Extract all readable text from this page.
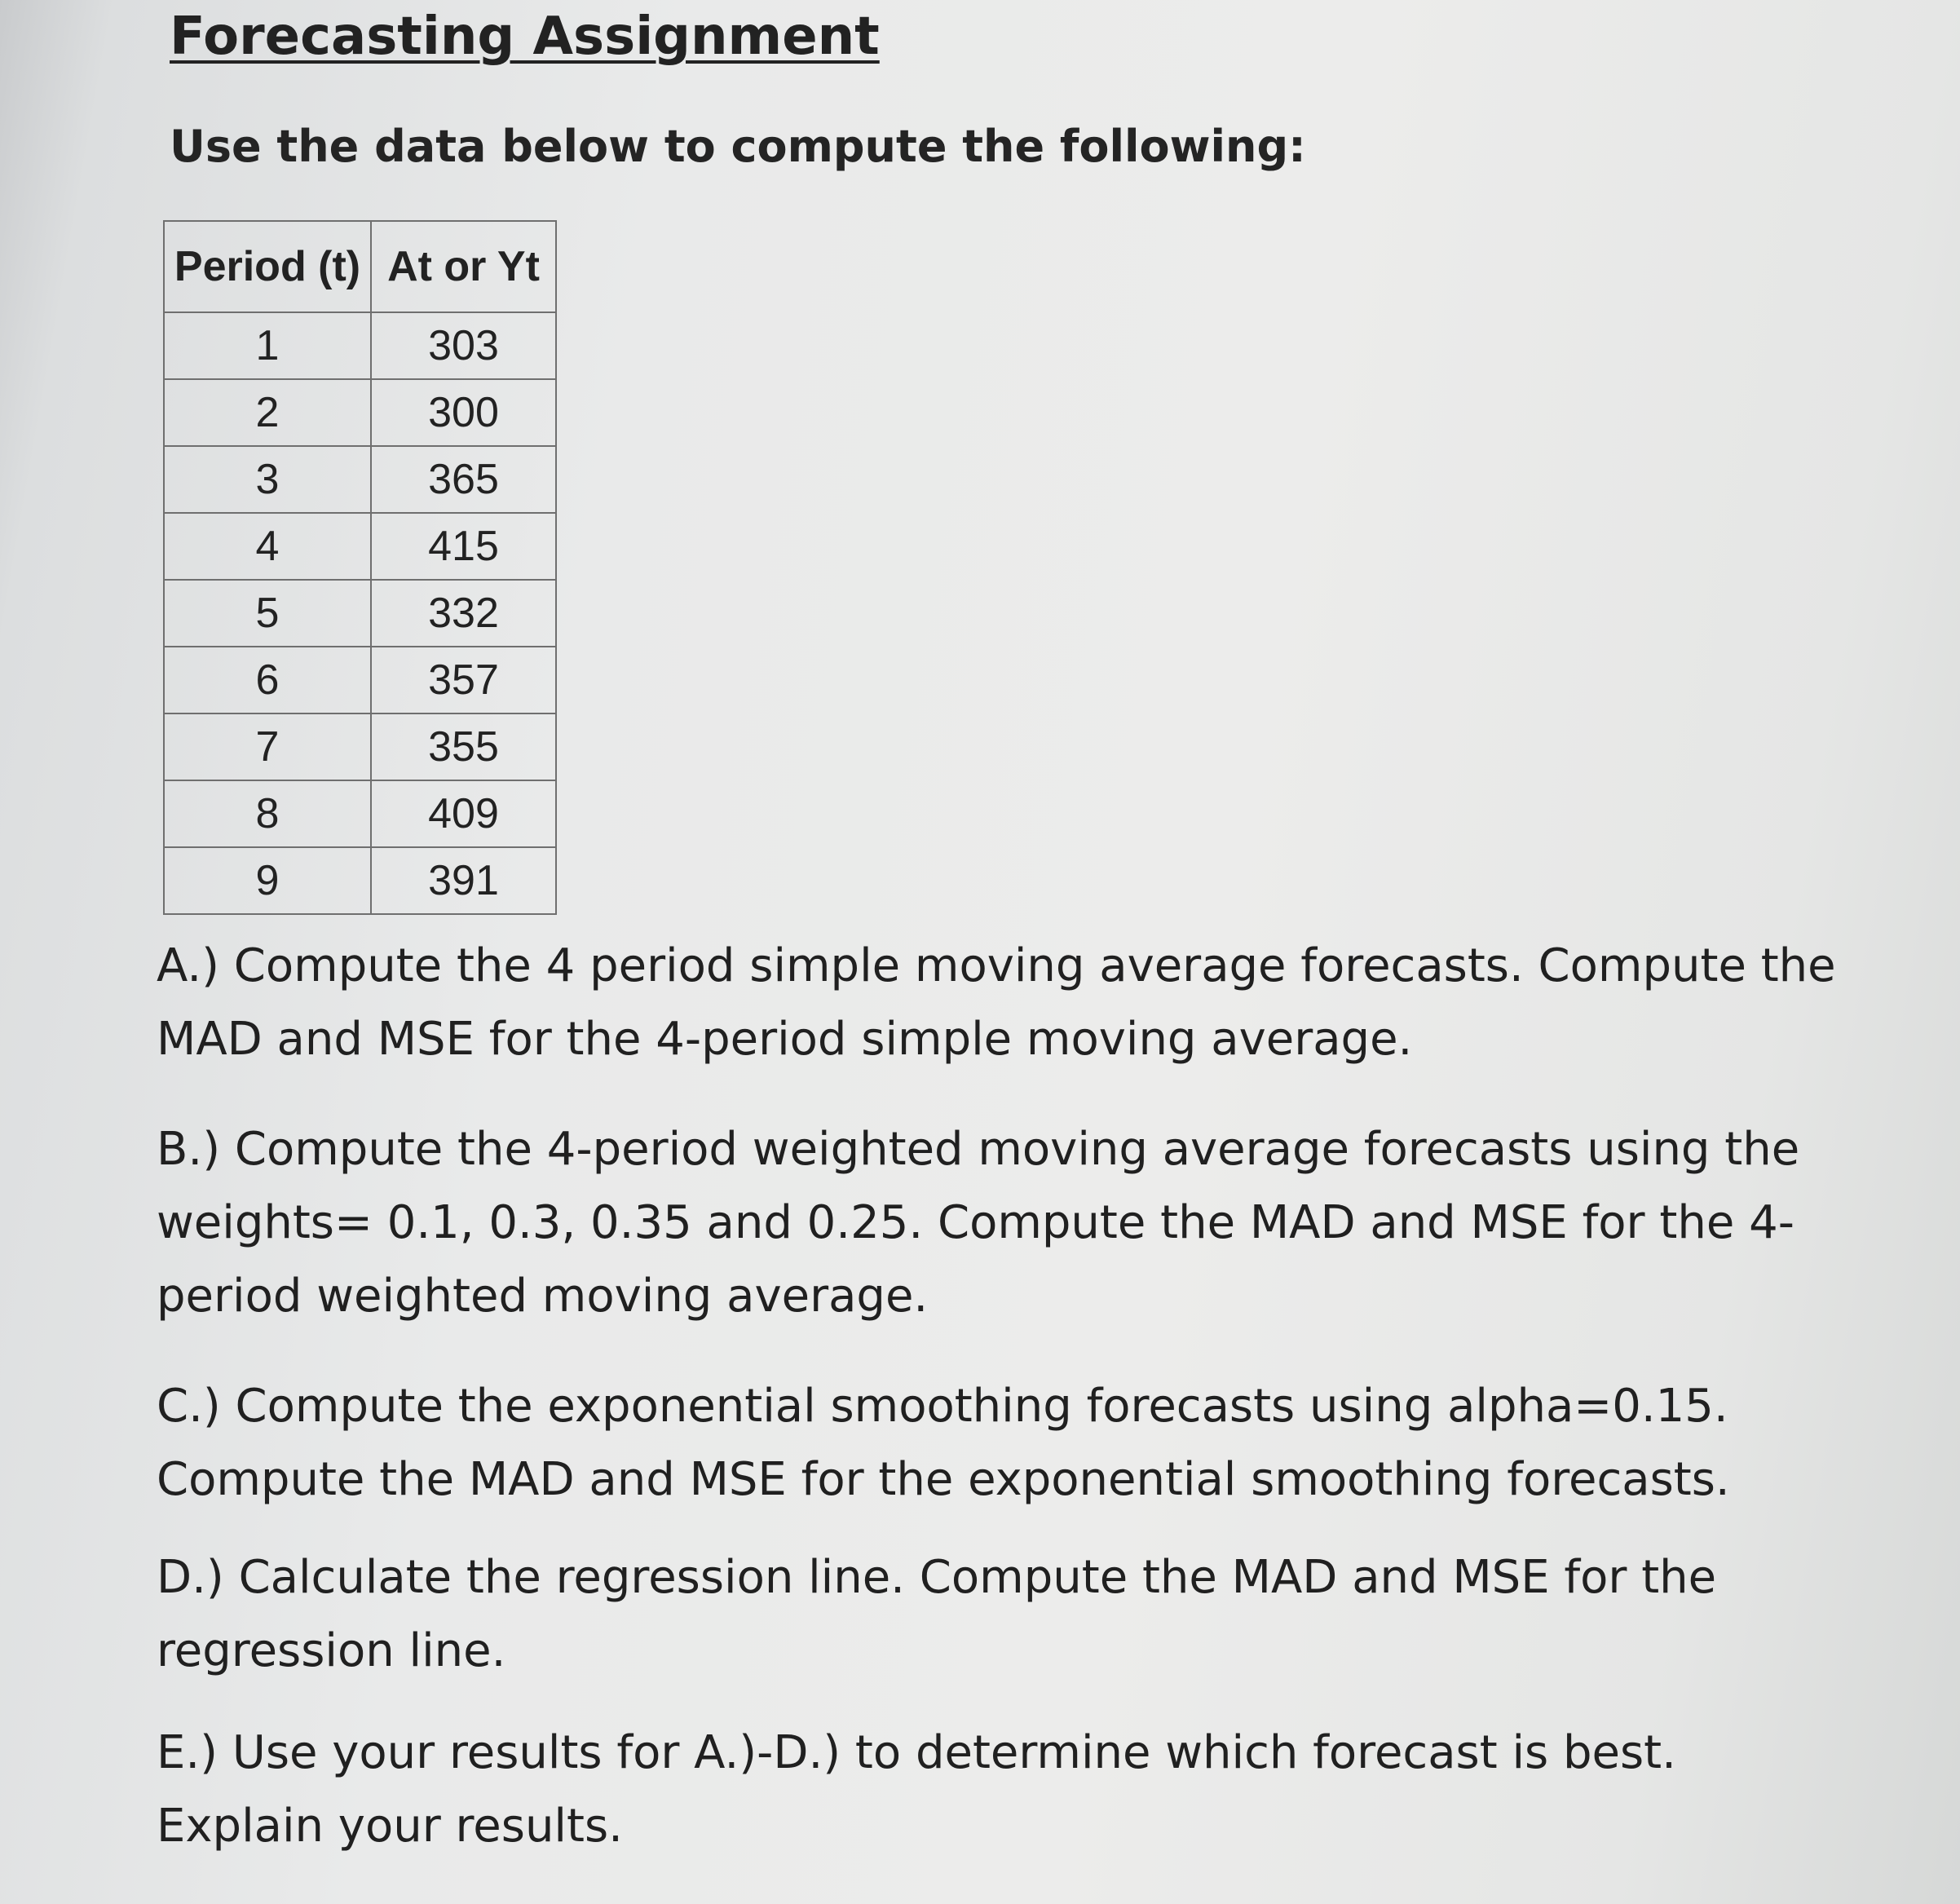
Forecasting Assignment

Use the data below to compute the following:

Period (t)	At or Yt
1	303
2	300
3	365
4	415
5	332
6	357
7	355
8	409
9	391

A.) Compute the 4 period simple moving average forecasts. Compute the MAD and MSE for the 4-period simple moving average.

B.) Compute the 4-period weighted moving average forecasts using the weights= 0.1, 0.3, 0.35 and 0.25. Compute the MAD and MSE for the 4-period weighted moving average.

C.) Compute the exponential smoothing forecasts using alpha=0.15. Compute the MAD and MSE for the exponential smoothing forecasts.

D.) Calculate the regression line. Compute the MAD and MSE for the regression line.

E.) Use your results for A.)-D.) to determine which forecast is best. Explain your results.
